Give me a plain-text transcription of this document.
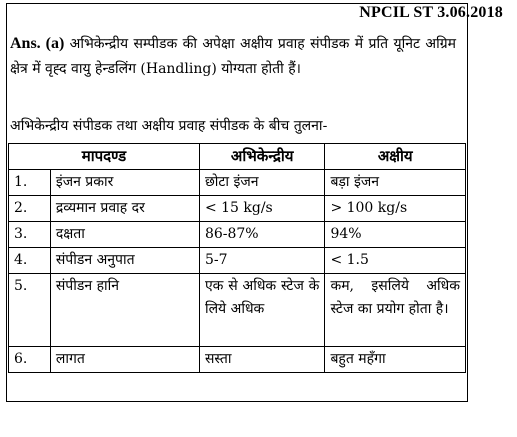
NPCIL ST 3.06.2018
Ans. (a) अभिकेन्द्रीय सम्पीडक की अपेक्षा अक्षीय प्रवाह संपीडक में प्रति यूनिट अग्रिम क्षेत्र में वृह्द वायु हेन्डलिंग (Handling) योग्यता होती हैं।
अभिकेन्द्रीय संपीडक तथा अक्षीय प्रवाह संपीडक के बीच तुलना-
मापदण्ड		अभिकेन्द्रीय	अक्षीय
1.	इंजन प्रकार	छोटा इंजन	बड़ा इंजन
2.	द्रव्यमान प्रवाह दर	< 15 kg/s	> 100 kg/s
3.	दक्षता	86-87%	94%
4.	संपीडन अनुपात	5-7	< 1.5
5.	संपीडन हानि	एक से अधिक स्टेज के लिये अधिक	कम, इसलिये अधिक स्टेज का प्रयोग होता है।
6.	लागत	सस्ता	बहुत महँगा
